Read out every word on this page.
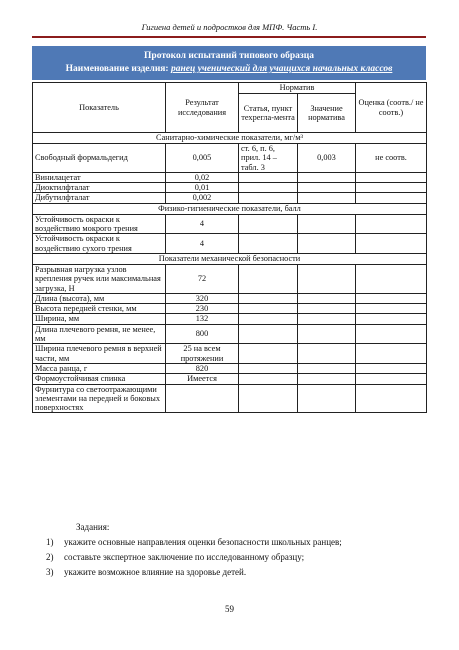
Гигиена детей и подростков для МПФ. Часть I.
Протокол испытаний типового образца
Наименование изделия: ранец ученический для учащихся начальных классов
Показатель	Результат исследования	Норматив		Оценка (соотв./ не соотв.)
		Статья, пункт техрегла-мента	Значение норматива	
Санитарно-химические показатели, мг/м³				
Свободный формальдегид	0,005	ст. 6, п. 6, прил. 14 – табл. 3	0,003	не соотв.
Винилацетат	0,02			
Диоктилфталат	0,01			
Дибутилфталат	0,002			
Физико-гигиенические показатели, балл				
Устойчивость окраски к воздействию мокрого трения	4			
Устойчивость окраски к воздействию сухого трения	4			
Показатели механической безопасности				
Разрывная нагрузка узлов крепления ручек или максимальная загрузка, Н	72			
Длина (высота), мм	320			
Высота передней стенки, мм	230			
Ширина, мм	132			
Длина плечевого ремня, не менее, мм	800			
Ширина плечевого ремня в верхней части, мм	25 на всем протяжении			
Масса ранца, г	820			
Формоустойчивая спинка	Имеется			
Фурнитура со светоотражающими элементами на передней и боковых поверхностях				
Задания:
1)	укажите основные направления оценки безопасности школьных ранцев;
2)	составьте экспертное заключение по исследованному образцу;
3)	укажите возможное влияние на здоровье детей.
59
